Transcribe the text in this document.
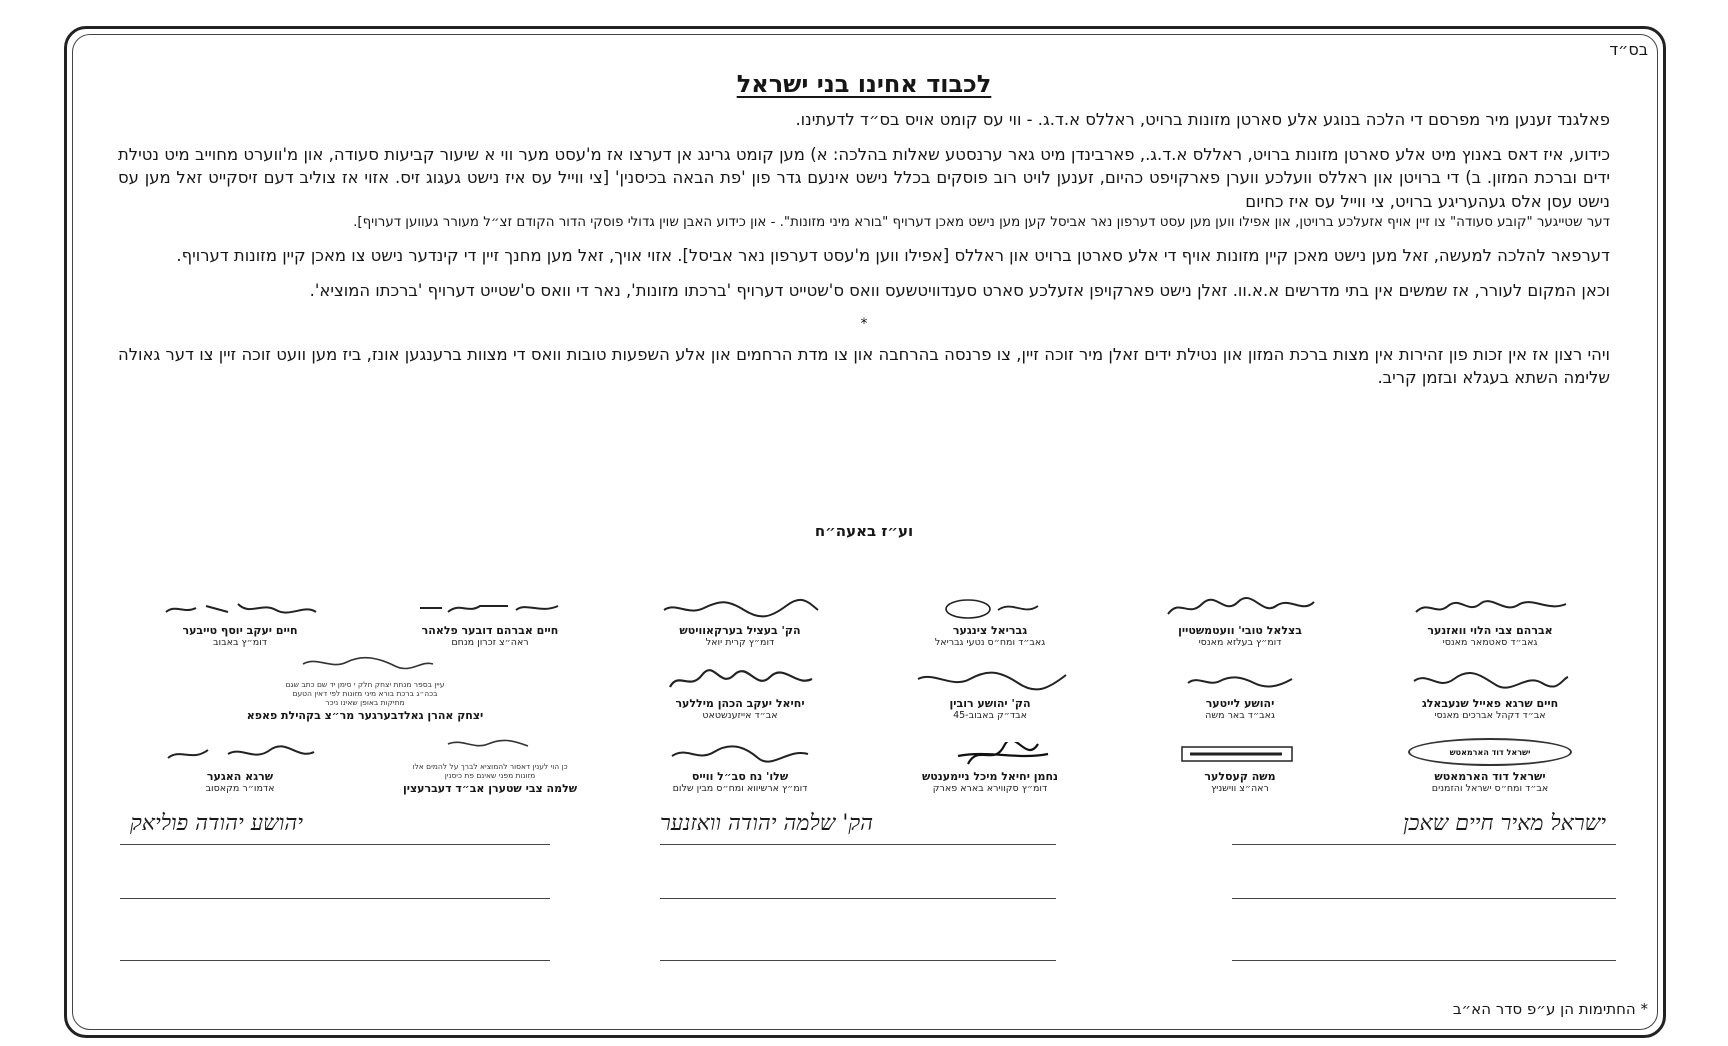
בס״ד
לכבוד אחינו בני ישראל

פאלגנד זענען מיר מפרסם די הלכה בנוגע אלע סארטן מזונות ברויט, ראללס א.ד.ג. - ווי עס קומט אויס בס״ד לדעתינו.

כידוע, איז דאס באנוץ מיט אלע סארטן מזונות ברויט, ראללס א.ד.ג., פארבינדן מיט גאר ערנסטע שאלות בהלכה: א) מען קומט גרינג אן דערצו אז מ'עסט מער ווי א שיעור קביעות סעודה, און מ'ווערט מחוייב מיט נטילת ידים וברכת המזון. ב) די ברויטן און ראללס וועלכע ווערן פארקויפט כהיום, זענען לויט רוב פוסקים בכלל נישט אינעם גדר פון 'פת הבאה בכיסנין' [צי ווייל עס איז נישט געגוג זיס. אזוי אז צוליב דעם זיסקייט זאל מען עס נישט עסן אלס געהעריגע ברויט, צי ווייל עס איז כחיום

דער שטייגער "קובע סעודה" צו זיין אויף אזעלכע ברויטן, און אפילו ווען מען עסט דערפון נאר אביסל קען מען נישט מאכן דערויף "בורא מיני מזונות". - און כידוע האבן שוין גדולי פוסקי הדור הקודם זצ״ל מעורר געווען דערויף].

דערפאר להלכה למעשה, זאל מען נישט מאכן קיין מזונות אויף די אלע סארטן ברויט און ראללס [אפילו ווען מ'עסט דערפון נאר אביסל]. אזוי אויך, זאל מען מחנך זיין די קינדער נישט צו מאכן קיין מזונות דערויף.

וכאן המקום לעורר, אז שמשים אין בתי מדרשים א.א.וו. זאלן נישט פארקויפן אזעלכע סארט סענדוויטשעס וואס ס'שטייט דערויף 'ברכתו מזונות', נאר די וואס ס'שטייט דערויף 'ברכתו המוציא'.

*

ויהי רצון אז אין זכות פון זהירות אין מצות ברכת המזון און נטילת ידים זאלן מיר זוכה זיין, צו פרנסה בהרחבה און צו מדת הרחמים און אלע השפעות טובות וואס די מצוות ברענגען אונז, ביז מען וועט זוכה זיין צו דער גאולה שלימה השתא בעגלא ובזמן קריב.

וע״ז באעה״ח
אברהם צבי הלוי וואזנער
גאב״ד סאטמאר מאנסי
בצלאל טובי' וועטמשטיין
דומ״ץ בעלזא מאנסי
גבריאל צינגער
גאב״ד ומח״ס נטעי גבריאל
הק' בעציל בערקאוויטש
דומ״ץ קרית יואל
חיים אברהם דובער פלאהר
ראה״צ זכרון מנחם
חיים יעקב יוסף טייבער
דומ״ץ באבוב
חיים שרגא פאייל שנעבאלג
אב״ד דקהל אברכים מאנסי
יהושע לייטער
גאב״ד באר משה
הק' יהושע רובין
אבד״ק באבוב-45
יחיאל יעקב הכהן מיללער
אב״ד אייזענשטאט
עיין בספר מנחת יצחק חלק י סימן יד שם כתב שגם בכה״ג ברכת בורא מיני מזונות לפי דאין הטעם מתיקות באופן שאינו ניכר
יצחק אהרן גאלדבערגער מר״צ בקהילת פאפא
ישראל דוד הארמאטש
ישראל דוד הארמאטש
אב״ד ומח״ס ישראל והזמנים
משה קעסלער
ראה״צ ווישניץ
נחמן יחיאל מיכל ניימענטש
דומ״ץ סקווירא בארא פארק
שלו' נח סב״ל ווייס
דומ״ץ ארשיווא ומח״ס מבין שלום
כן הוי לענין דאסור להמוציא לברך על להמים אלו מזונות מפני שאינם פת כיסנין
שלמה צבי שטערן אב״ד דעברעצין
שרגא האגער
אדמו״ר מקאסוב
ישראל מאיר חיים שאכן
הק' שלמה יהודה וואזנער
יהושע יהודה פוליאק
* החתימות הן ע״פ סדר הא״ב
